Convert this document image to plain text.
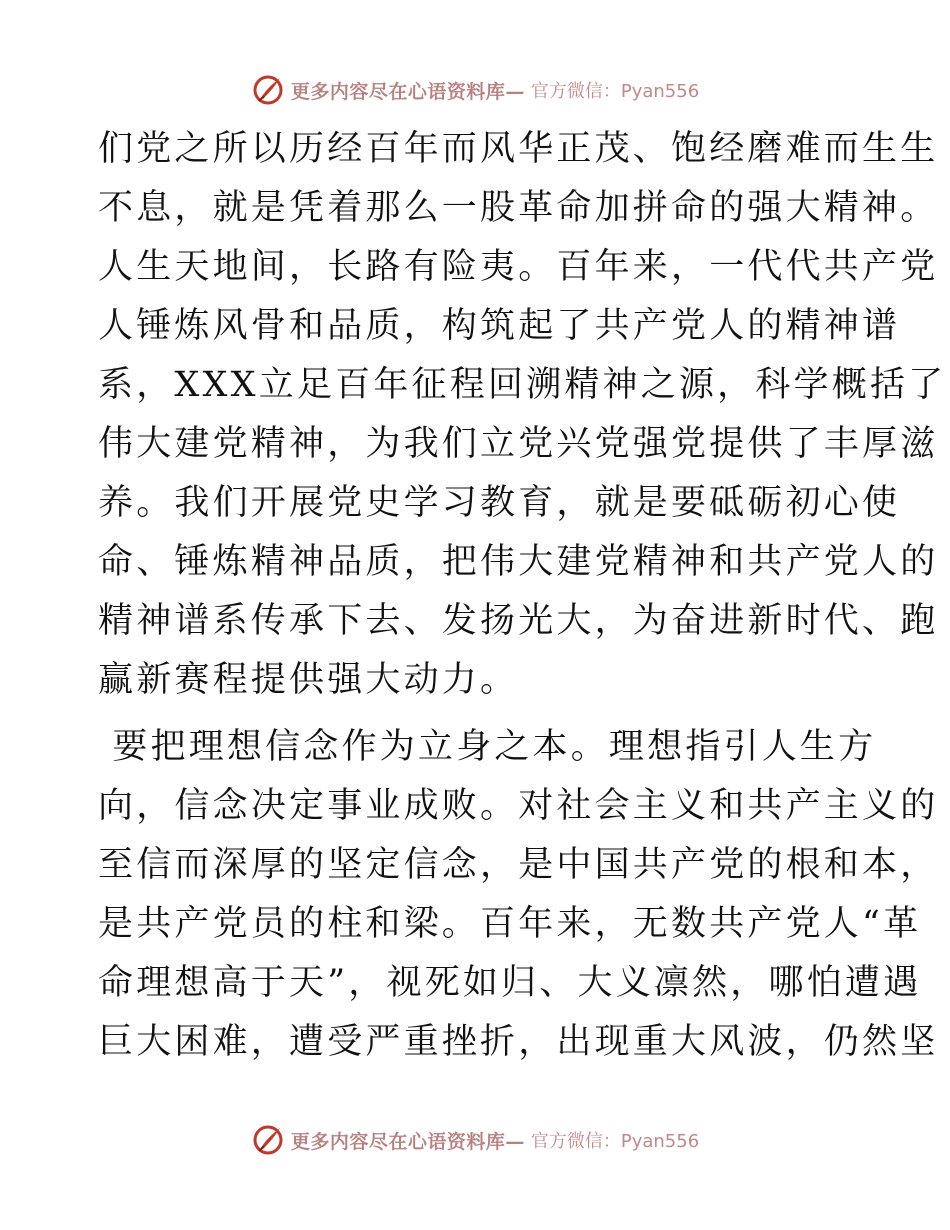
更多内容尽在心语资料库— 官方微信：Pyan556
们党之所以历经百年而风华正茂、饱经磨难而生生
不息，就是凭着那么一股革命加拼命的强大精神。
人生天地间，长路有险夷。百年来，一代代共产党
人锤炼风骨和品质，构筑起了共产党人的精神谱
系，XXX立足百年征程回溯精神之源，科学概括了
伟大建党精神，为我们立党兴党强党提供了丰厚滋
养。我们开展党史学习教育，就是要砥砺初心使
命、锤炼精神品质，把伟大建党精神和共产党人的
精神谱系传承下去、发扬光大，为奋进新时代、跑
赢新赛程提供强大动力。
要把理想信念作为立身之本。理想指引人生方
向，信念决定事业成败。对社会主义和共产主义的
至信而深厚的坚定信念，是中国共产党的根和本，
是共产党员的柱和梁。百年来，无数共产党人“革
命理想高于天”，视死如归、大义凛然，哪怕遭遇
巨大困难，遭受严重挫折，出现重大风波，仍然坚
更多内容尽在心语资料库— 官方微信：Pyan556
